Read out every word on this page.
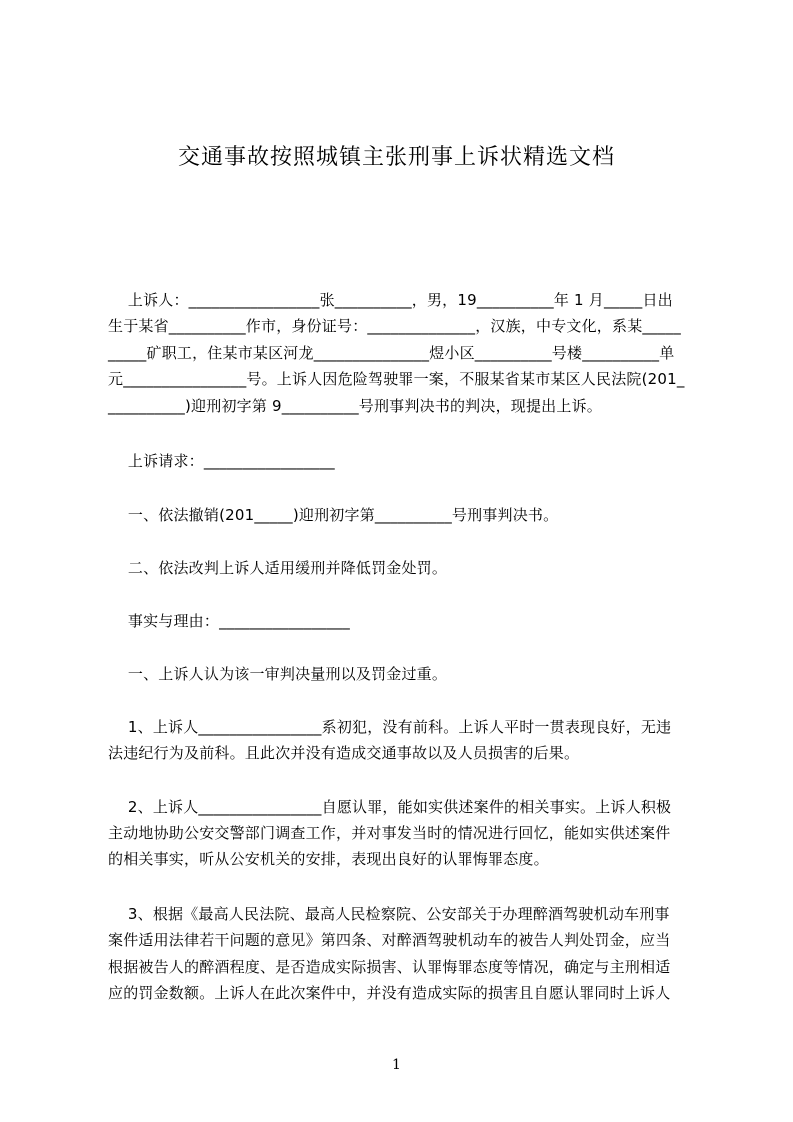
交通事故按照城镇主张刑事上诉状精选文档
上诉人：_________________张__________，男，19__________年 1 月_____日出
生于某省__________作市，身份证号：______________，汉族，中专文化，系某_____
_____矿职工，住某市某区河龙_______________煜小区__________号楼__________单
元________________号。上诉人因危险驾驶罪一案，不服某省某市某区人民法院(201_
__________)迎刑初字第 9__________号刑事判决书的判决，现提出上诉。
上诉请求：_________________
一、依法撤销(201_____)迎刑初字第__________号刑事判决书。
二、依法改判上诉人适用缓刑并降低罚金处罚。
事实与理由：_________________
一、上诉人认为该一审判决量刑以及罚金过重。
1、上诉人________________系初犯，没有前科。上诉人平时一贯表现良好，无违
法违纪行为及前科。且此次并没有造成交通事故以及人员损害的后果。
2、上诉人________________自愿认罪，能如实供述案件的相关事实。上诉人积极
主动地协助公安交警部门调查工作，并对事发当时的情况进行回忆，能如实供述案件
的相关事实，听从公安机关的安排，表现出良好的认罪悔罪态度。
3、根据《最高人民法院、最高人民检察院、公安部关于办理醉酒驾驶机动车刑事
案件适用法律若干问题的意见》第四条、对醉酒驾驶机动车的被告人判处罚金，应当
根据被告人的醉酒程度、是否造成实际损害、认罪悔罪态度等情况，确定与主刑相适
应的罚金数额。上诉人在此次案件中，并没有造成实际的损害且自愿认罪同时上诉人
1
